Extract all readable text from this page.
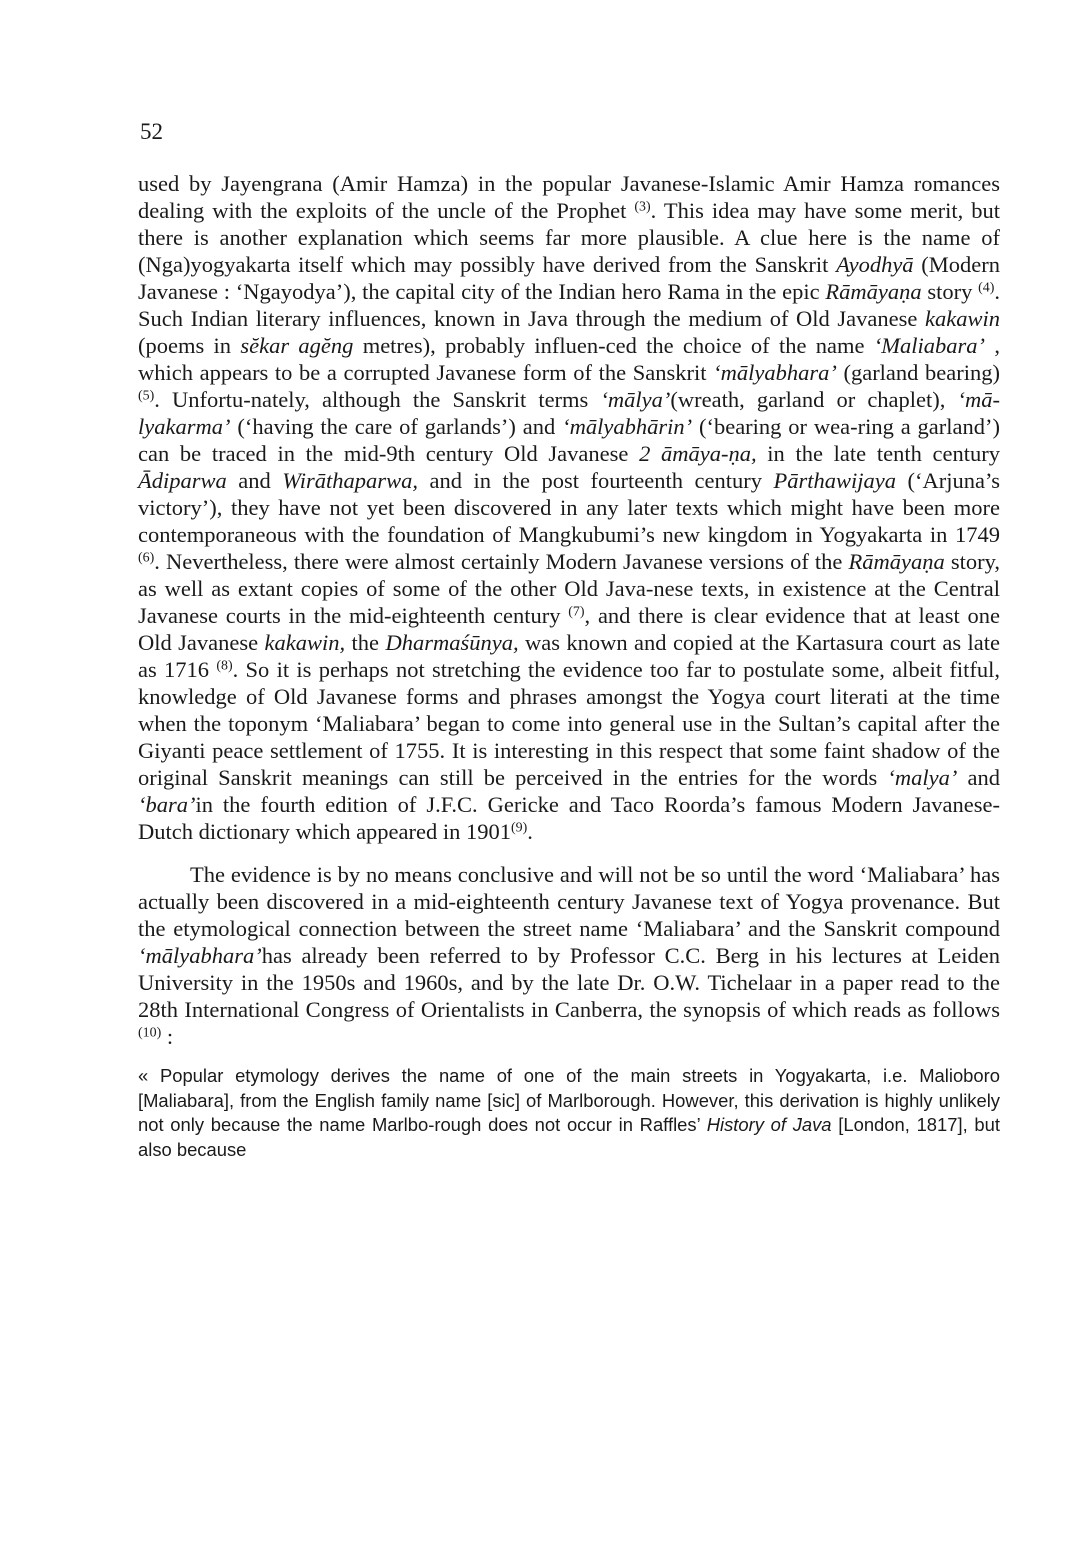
52

used by Jayengrana (Amir Hamza) in the popular Javanese-Islamic Amir Hamza romances dealing with the exploits of the uncle of the Prophet $^{(3)}$. This idea may have some merit, but there is another explanation which seems far more plausible. A clue here is the name of (Nga)yogyakarta itself which may possibly have derived from the Sanskrit Ayodhyā (Modern Javanese : ‘Ngayodya’), the capital city of the Indian hero Rama in the epic Rāmāyaṇa story $^{(4)}$. Such Indian literary influences, known in Java through the medium of Old Javanese kakawin (poems in sĕkar agĕng metres), probably influen-ced the choice of the name ‘Maliabara’ , which appears to be a corrupted Javanese form of the Sanskrit ‘mālyabhara’ (garland bearing) $^{(5)}$. Unfortu-nately, although the Sanskrit terms ‘mālya’(wreath, garland or chaplet), ‘mā-lyakarma’ (‘having the care of garlands’) and ‘mālyabhārin’ (‘bearing or wea-ring a garland’) can be traced in the mid-9th century Old Javanese 2 āmāya-ṇa, in the late tenth century Ādiparwa and Wirāthaparwa, and in the post fourteenth century Pārthawijaya (‘Arjuna’s victory’), they have not yet been discovered in any later texts which might have been more contemporaneous with the foundation of Mangkubumi’s new kingdom in Yogyakarta in 1749 $^{(6)}$. Nevertheless, there were almost certainly Modern Javanese versions of the Rāmāyaṇa story, as well as extant copies of some of the other Old Java-nese texts, in existence at the Central Javanese courts in the mid-eighteenth century $^{(7)}$, and there is clear evidence that at least one Old Javanese kakawin, the Dharmaśūnya, was known and copied at the Kartasura court as late as 1716 $^{(8)}$. So it is perhaps not stretching the evidence too far to postulate some, albeit fitful, knowledge of Old Javanese forms and phrases amongst the Yogya court literati at the time when the toponym ‘Maliabara’ began to come into general use in the Sultan’s capital after the Giyanti peace settlement of 1755. It is interesting in this respect that some faint shadow of the original Sanskrit meanings can still be perceived in the entries for the words ‘malya’ and ‘bara’in the fourth edition of J.F.C. Gericke and Taco Roorda’s famous Modern Javanese-Dutch dictionary which appeared in 1901$^{(9)}$.

The evidence is by no means conclusive and will not be so until the word ‘Maliabara’ has actually been discovered in a mid-eighteenth century Javanese text of Yogya provenance. But the etymological connection between the street name ‘Maliabara’ and the Sanskrit compound ‘mālyabhara’has already been referred to by Professor C.C. Berg in his lectures at Leiden University in the 1950s and 1960s, and by the late Dr. O.W. Tichelaar in a paper read to the 28th International Congress of Orientalists in Canberra, the synopsis of which reads as follows $^{(10)}$ :

« Popular etymology derives the name of one of the main streets in Yogyakarta, i.e. Malioboro [Maliabara], from the English family name [sic] of Marlborough. However, this derivation is highly unlikely not only because the name Marlbo-rough does not occur in Raffles’ History of Java [London, 1817], but also because
